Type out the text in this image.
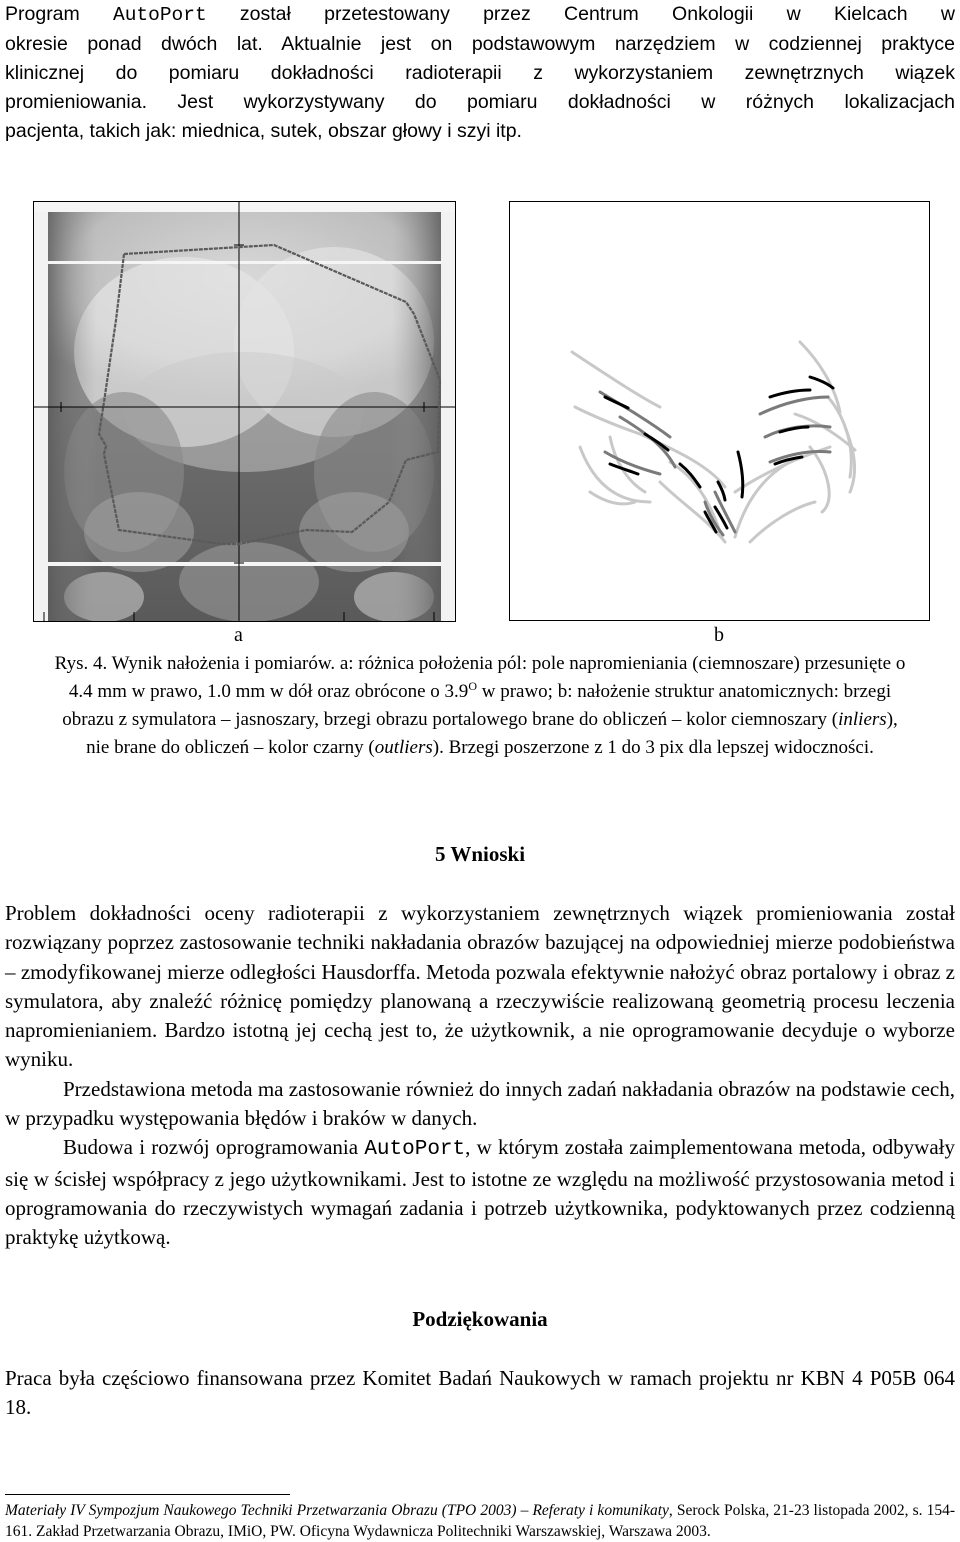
Program AutoPort został przetestowany przez Centrum Onkologii w Kielcach w
okresie ponad dwóch lat. Aktualnie jest on podstawowym narzędziem w codziennej praktyce
klinicznej do pomiaru dokładności radioterapii z wykorzystaniem zewnętrznych wiązek
promieniowania. Jest wykorzystywany do pomiaru dokładności w różnych lokalizacjach
pacjenta, takich jak: miednica, sutek, obszar głowy i szyi itp.
a	b
Rys. 4. Wynik nałożenia i pomiarów. a: różnica położenia pól: pole napromieniania (ciemnoszare) przesunięte o 4.4 mm w prawo, 1.0 mm w dół oraz obrócone o $3.9^O$ w prawo; b: nałożenie struktur anatomicznych: brzegi obrazu z symulatora – jasnoszary, brzegi obrazu portalowego brane do obliczeń – kolor ciemnoszary (inliers), nie brane do obliczeń – kolor czarny (outliers). Brzegi poszerzone z 1 do 3 pix dla lepszej widoczności.
5 Wnioski

Problem dokładności oceny radioterapii z wykorzystaniem zewnętrznych wiązek promieniowania został rozwiązany poprzez zastosowanie techniki nakładania obrazów bazującej na odpowiedniej mierze podobieństwa – zmodyfikowanej mierze odległości Hausdorffa. Metoda pozwala efektywnie nałożyć obraz portalowy i obraz z symulatora, aby znaleźć różnicę pomiędzy planowaną a rzeczywiście realizowaną geometrią procesu leczenia napromienianiem. Bardzo istotną jej cechą jest to, że użytkownik, a nie oprogramowanie decyduje o wyborze wyniku.

Przedstawiona metoda ma zastosowanie również do innych zadań nakładania obrazów na podstawie cech, w przypadku występowania błędów i braków w danych.

Budowa i rozwój oprogramowania AutoPort, w którym została zaimplementowana metoda, odbywały się w ścisłej współpracy z jego użytkownikami. Jest to istotne ze względu na możliwość przystosowania metod i oprogramowania do rzeczywistych wymagań zadania i potrzeb użytkownika, podyktowanych przez codzienną praktykę użytkową.

Podziękowania

Praca była częściowo finansowana przez Komitet Badań Naukowych w ramach projektu nr KBN 4 P05B 064 18.

Materiały IV Sympozjum Naukowego Techniki Przetwarzania Obrazu (TPO 2003) – Referaty i komunikaty, Serock Polska, 21-23 listopada 2002, s. 154-161. Zakład Przetwarzania Obrazu, IMiO, PW. Oficyna Wydawnicza Politechniki Warszawskiej, Warszawa 2003.
